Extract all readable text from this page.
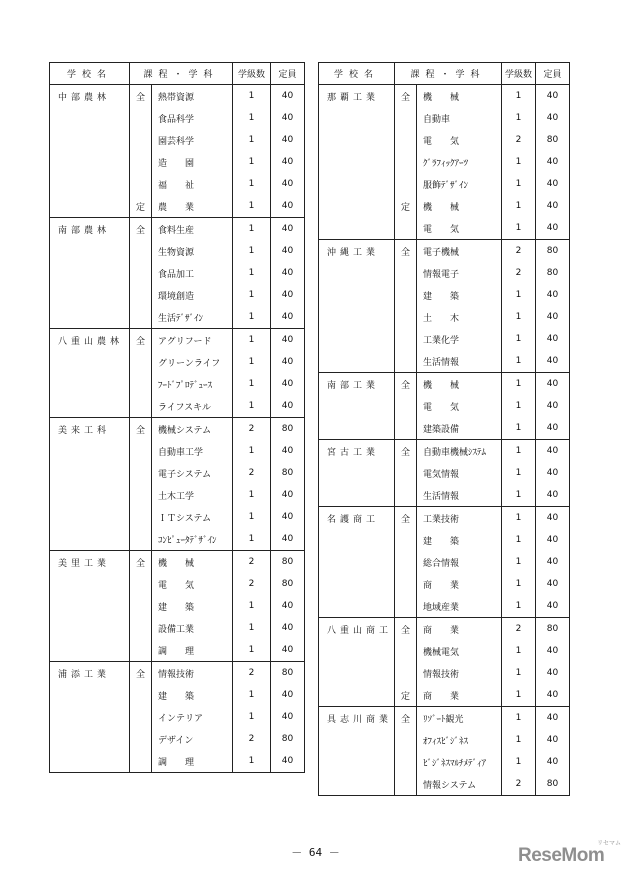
学校名	課程・学科		学級数	定員
中部農林	全	熱帯資源	1	40
		食品科学	1	40
		園芸科学	1	40
		造　　園	1	40
		福　　祉	1	40
	定	農　　業	1	40
南部農林	全	食料生産	1	40
		生物資源	1	40
		食品加工	1	40
		環境創造	1	40
		生活ﾃﾞｻﾞｲﾝ	1	40
八重山農林	全	アグリフード	1	40
		グリーンライフ	1	40
		ﾌｰﾄﾞﾌﾟﾛﾃﾞｭｰｽ	1	40
		ライフスキル	1	40
美来工科	全	機械システム	2	80
		自動車工学	1	40
		電子システム	2	80
		土木工学	1	40
		ＩＴシステム	1	40
		ｺﾝﾋﾟｭｰﾀﾃﾞｻﾞｲﾝ	1	40
美里工業	全	機　　械	2	80
		電　　気	2	80
		建　　築	1	40
		設備工業	1	40
		調　　理	1	40
浦添工業	全	情報技術	2	80
		建　　築	1	40
		インテリア	1	40
		デザイン	2	80
		調　　理	1	40
学校名	課程・学科		学級数	定員
那覇工業	全	機　　械	1	40
		自動車	1	40
		電　　気	2	80
		ｸﾞﾗﾌｨｯｸｱｰﾂ	1	40
		服飾ﾃﾞｻﾞｲﾝ	1	40
	定	機　　械	1	40
		電　　気	1	40
沖縄工業	全	電子機械	2	80
		情報電子	2	80
		建　　築	1	40
		土　　木	1	40
		工業化学	1	40
		生活情報	1	40
南部工業	全	機　　械	1	40
		電　　気	1	40
		建築設備	1	40
宮古工業	全	自動車機械ｼｽﾃﾑ	1	40
		電気情報	1	40
		生活情報	1	40
名護商工	全	工業技術	1	40
		建　　築	1	40
		総合情報	1	40
		商　　業	1	40
		地域産業	1	40
八重山商工	全	商　　業	2	80
		機械電気	1	40
		情報技術	1	40
	定	商　　業	1	40
具志川商業	全	ﾘｿﾞｰﾄ観光	1	40
		ｵﾌｨｽﾋﾞｼﾞﾈｽ	1	40
		ﾋﾞｼﾞﾈｽﾏﾙﾁﾒﾃﾞｨｱ	1	40
		情報システム	2	80
－ 64 －	ReseMom
リセマム
